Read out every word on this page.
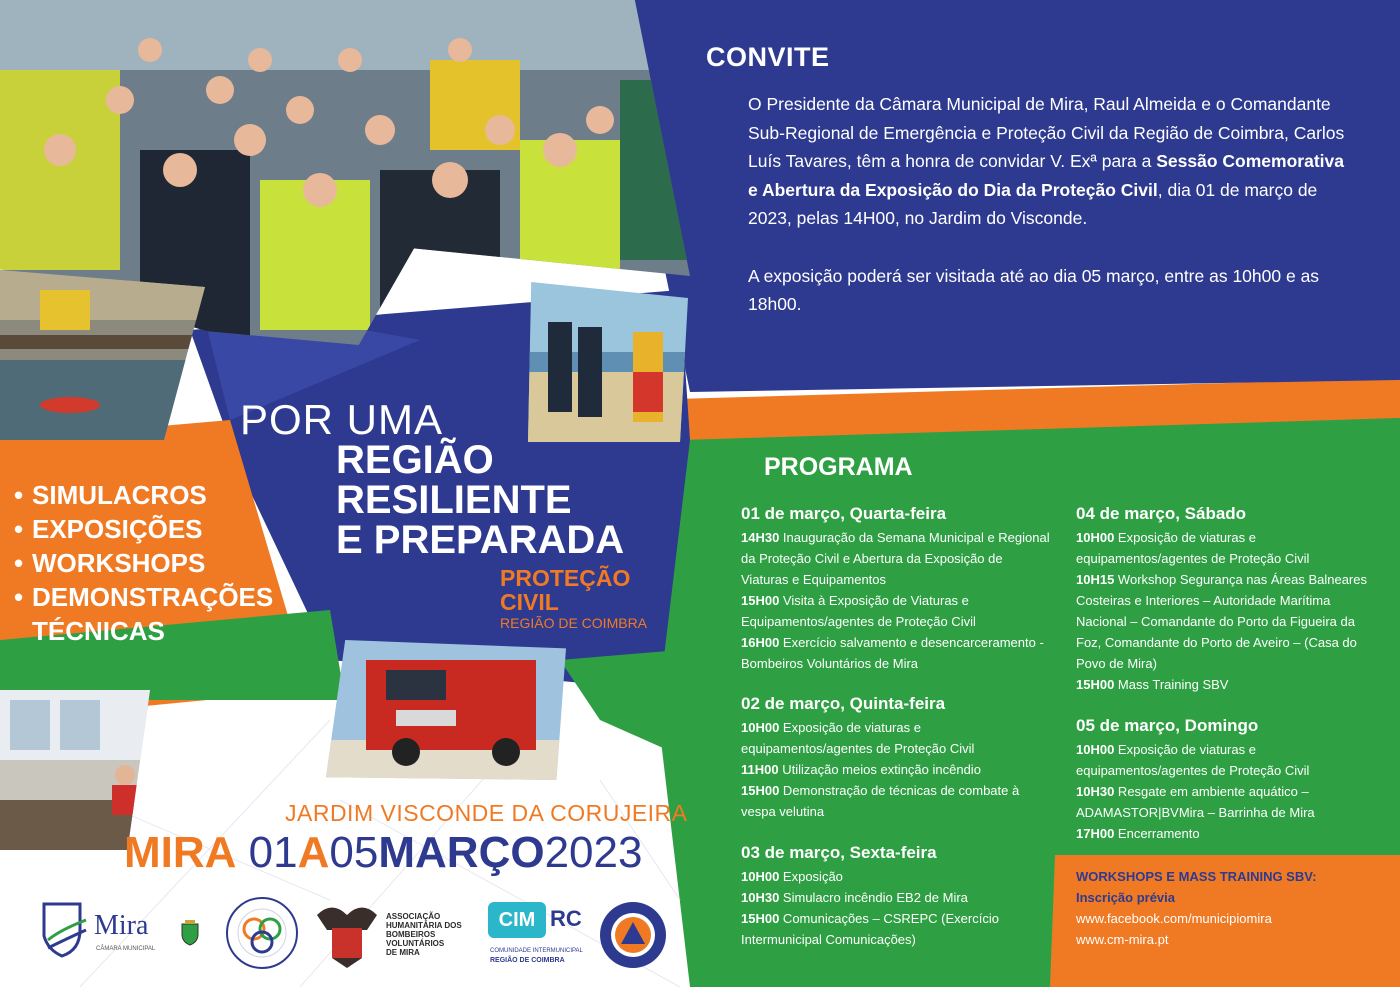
CONVITE

O Presidente da Câmara Municipal de Mira, Raul Almeida e o Comandante Sub-Regional de Emergência e Proteção Civil da Região de Coimbra, Carlos Luís Tavares, têm a honra de convidar V. Exª para a Sessão Comemorativa e Abertura da Exposição do Dia da Proteção Civil, dia 01 de março de 2023, pelas 14H00, no Jardim do Visconde.

A exposição poderá ser visitada até ao dia 05 março, entre as 10h00 e as 18h00.

POR UMA
REGIÃO
RESILIENTE
E PREPARADA
PROTEÇÃO
CIVIL
REGIÃO DE COIMBRA
• SIMULACROS
• EXPOSIÇÕES
• WORKSHOPS
• DEMONSTRAÇÕES
TÉCNICAS
JARDIM VISCONDE DA CORUJEIRA
MIRA 01A05MARÇO2023
PROGRAMA
01 de março, Quarta-feira

14H30 Inauguração da Semana Municipal e Regional da Proteção Civil e Abertura da Exposição de Viaturas e Equipamentos

15H00 Visita à Exposição de Viaturas e Equipamentos/agentes de Proteção Civil

16H00 Exercício salvamento e desencarceramento - Bombeiros Voluntários de Mira

02 de março, Quinta-feira

10H00 Exposição de viaturas e equipamentos/agentes de Proteção Civil

11H00 Utilização meios extinção incêndio

15H00 Demonstração de técnicas de combate à vespa velutina

03 de março, Sexta-feira

10H00 Exposição

10H30 Simulacro incêndio EB2 de Mira

15H00 Comunicações – CSREPC (Exercício Intermunicipal Comunicações)

04 de março, Sábado

10H00 Exposição de viaturas e equipamentos/agentes de Proteção Civil

10H15 Workshop Segurança nas Áreas Balneares Costeiras e Interiores – Autoridade Marítima Nacional – Comandante do Porto da Figueira da Foz, Comandante do Porto de Aveiro – (Casa do Povo de Mira)

15H00 Mass Training SBV

05 de março, Domingo

10H00 Exposição de viaturas e equipamentos/agentes de Proteção Civil

10H30 Resgate em ambiente aquático – ADAMASTOR|BVMira – Barrinha de Mira

17H00 Encerramento

WORKSHOPS E MASS TRAINING SBV:
Inscrição prévia
www.facebook.com/municipiomira
www.cm-mira.pt
Mira
CÂMARA MUNICIPAL
ASSOCIAÇÃO
HUMANITÁRIA DOS
BOMBEIROS
VOLUNTÁRIOS
DE MIRA
CIM RC
COMUNIDADE INTERMUNICIPAL
REGIÃO DE COIMBRA
